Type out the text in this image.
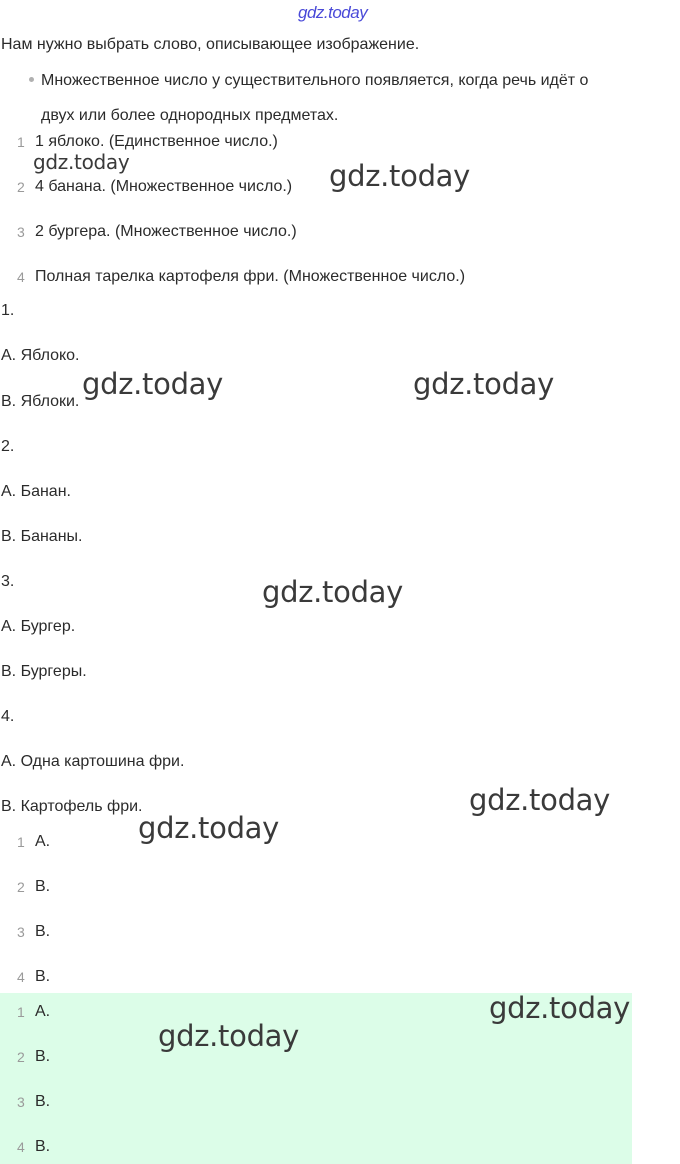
gdz.today
Нам нужно выбрать слово, описывающее изображение.
Множественное число у существительного появляется, когда речь идёт о
двух или более однородных предметах.
1 1 яблоко. (Единственное число.)
2 4 банана. (Множественное число.)
3 2 бургера. (Множественное число.)
4 Полная тарелка картофеля фри. (Множественное число.)
1.
A. Яблоко.
B. Яблоки.
2.
A. Банан.
B. Бананы.
3.
A. Бургер.
B. Бургеры.
4.
A. Одна картошина фри.
B. Картофель фри.
1 A.
2 B.
3 B.
4 B.
1 A.
2 B.
3 B.
4 B.
gdz.today	gdz.today
gdz.today	gdz.today
gdz.today
gdz.today
gdz.today
gdz.today
gdz.today
